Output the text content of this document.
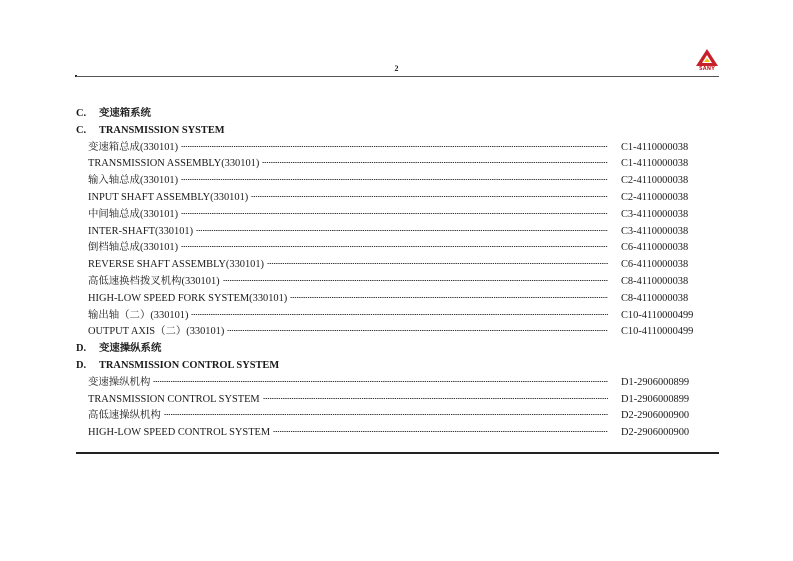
2	SANY
C.	变速箱系统
C.	TRANSMISSION SYSTEM
变速箱总成(330101)	C1-4110000038
TRANSMISSION ASSEMBLY(330101)	C1-4110000038
输入轴总成(330101)	C2-4110000038
INPUT SHAFT ASSEMBLY(330101)	C2-4110000038
中间轴总成(330101)	C3-4110000038
INTER-SHAFT(330101)	C3-4110000038
倒档轴总成(330101)	C6-4110000038
REVERSE SHAFT ASSEMBLY(330101)	C6-4110000038
高低速换档拨叉机构(330101)	C8-4110000038
HIGH-LOW SPEED FORK SYSTEM(330101)	C8-4110000038
输出轴（二）(330101)	C10-4110000499
OUTPUT AXIS（二）(330101)	C10-4110000499
D.	变速操纵系统
D.	TRANSMISSION CONTROL SYSTEM
变速操纵机构	D1-2906000899
TRANSMISSION CONTROL SYSTEM	D1-2906000899
高低速操纵机构	D2-2906000900
HIGH-LOW SPEED CONTROL SYSTEM	D2-2906000900
